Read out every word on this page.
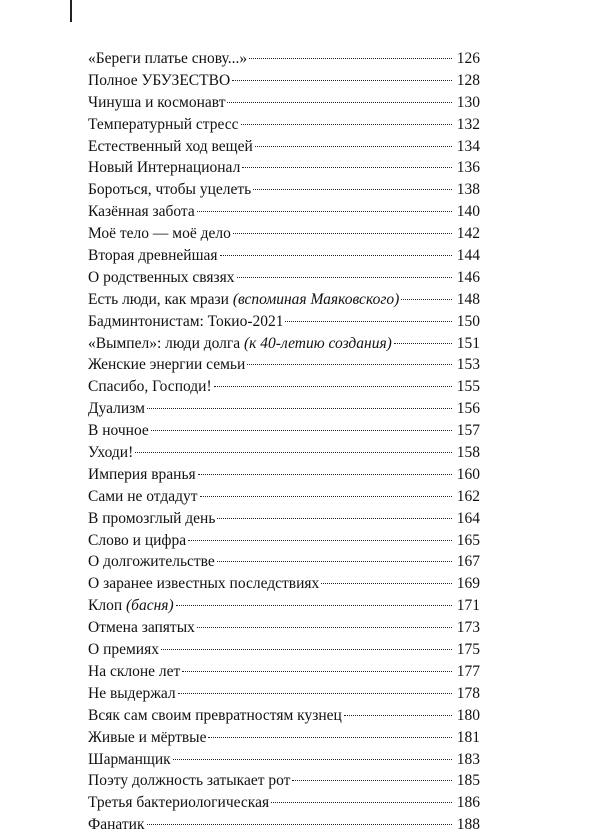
«Береги платье снову...»	126
Полное УБУЗЕСТВО	128
Чинуша и космонавт	130
Температурный стресс	132
Естественный ход вещей	134
Новый Интернационал	136
Бороться, чтобы уцелеть	138
Казённая забота	140
Моё тело — моё дело	142
Вторая древнейшая	144
О родственных связях	146
Есть люди, как мрази (вспоминая Маяковского)	148
Бадминтонистам: Токио-2021	150
«Вымпел»: люди долга (к 40-летию создания)	151
Женские энергии семьи	153
Спасибо, Господи!	155
Дуализм	156
В ночное	157
Уходи!	158
Империя вранья	160
Сами не отдадут	162
В промозглый день	164
Слово и цифра	165
О долгожительстве	167
О заранее известных последствиях	169
Клоп (басня)	171
Отмена запятых	173
О премиях	175
На склоне лет	177
Не выдержал	178
Всяк сам своим превратностям кузнец	180
Живые и мёртвые	181
Шарманщик	183
Поэту должность затыкает рот	185
Третья бактериологическая	186
Фанатик	188
